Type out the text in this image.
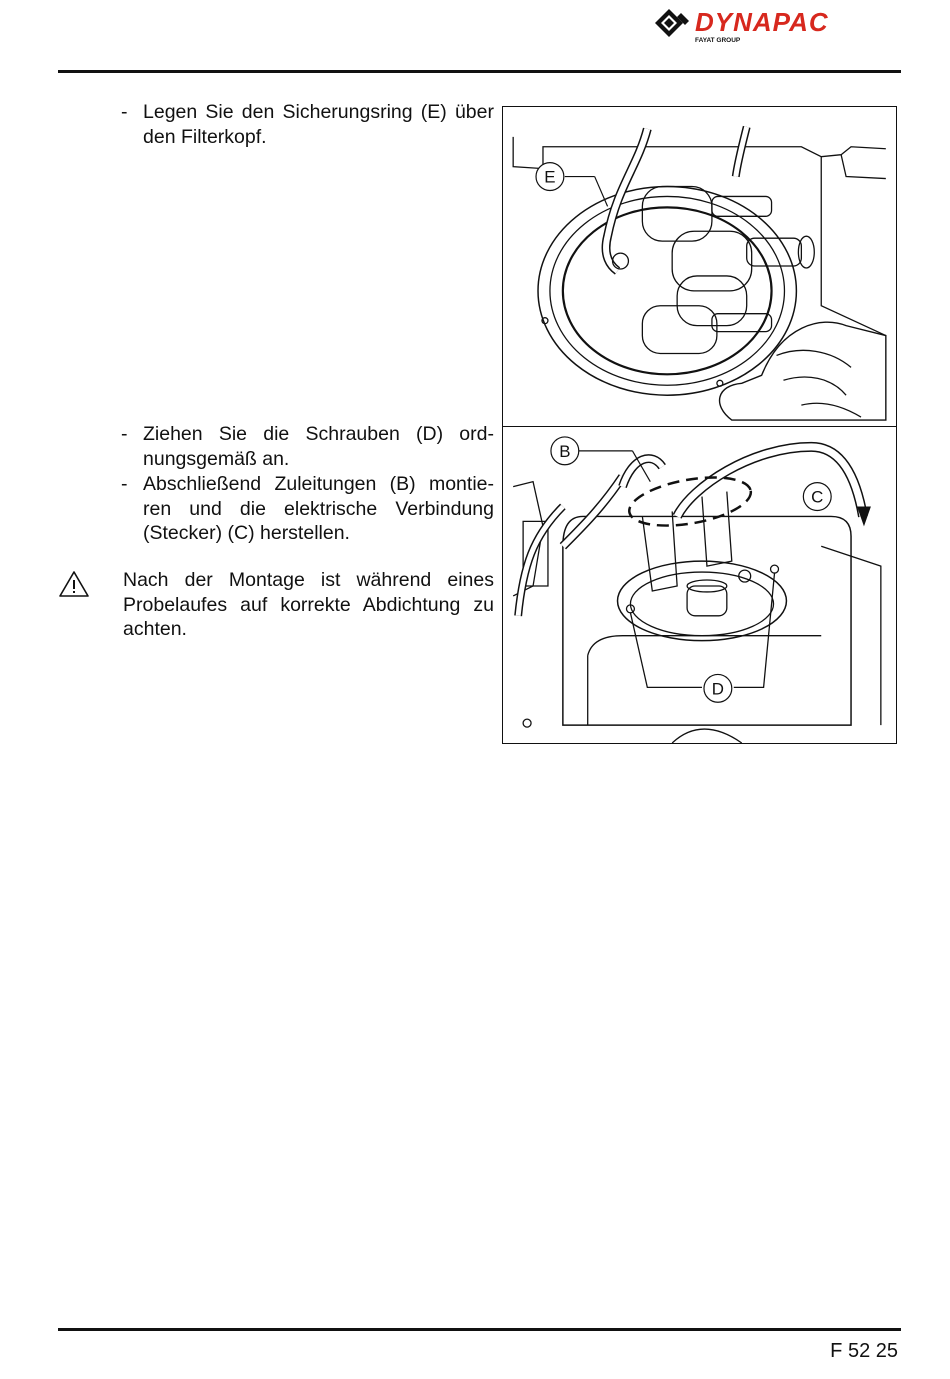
DYNAPAC
FAYAT GROUP
- Legen Sie den Sicherungsring (E) über den Filterkopf.
- Ziehen Sie die Schrauben (D) ord-nungsgemäß an.
- Abschließend Zuleitungen (B) montie-ren und die elektrische Verbindung (Stecker) (C) herstellen.
Nach der Montage ist während eines Probelaufes auf korrekte Abdichtung zu achten.
E
B
C
D
F 52 25
